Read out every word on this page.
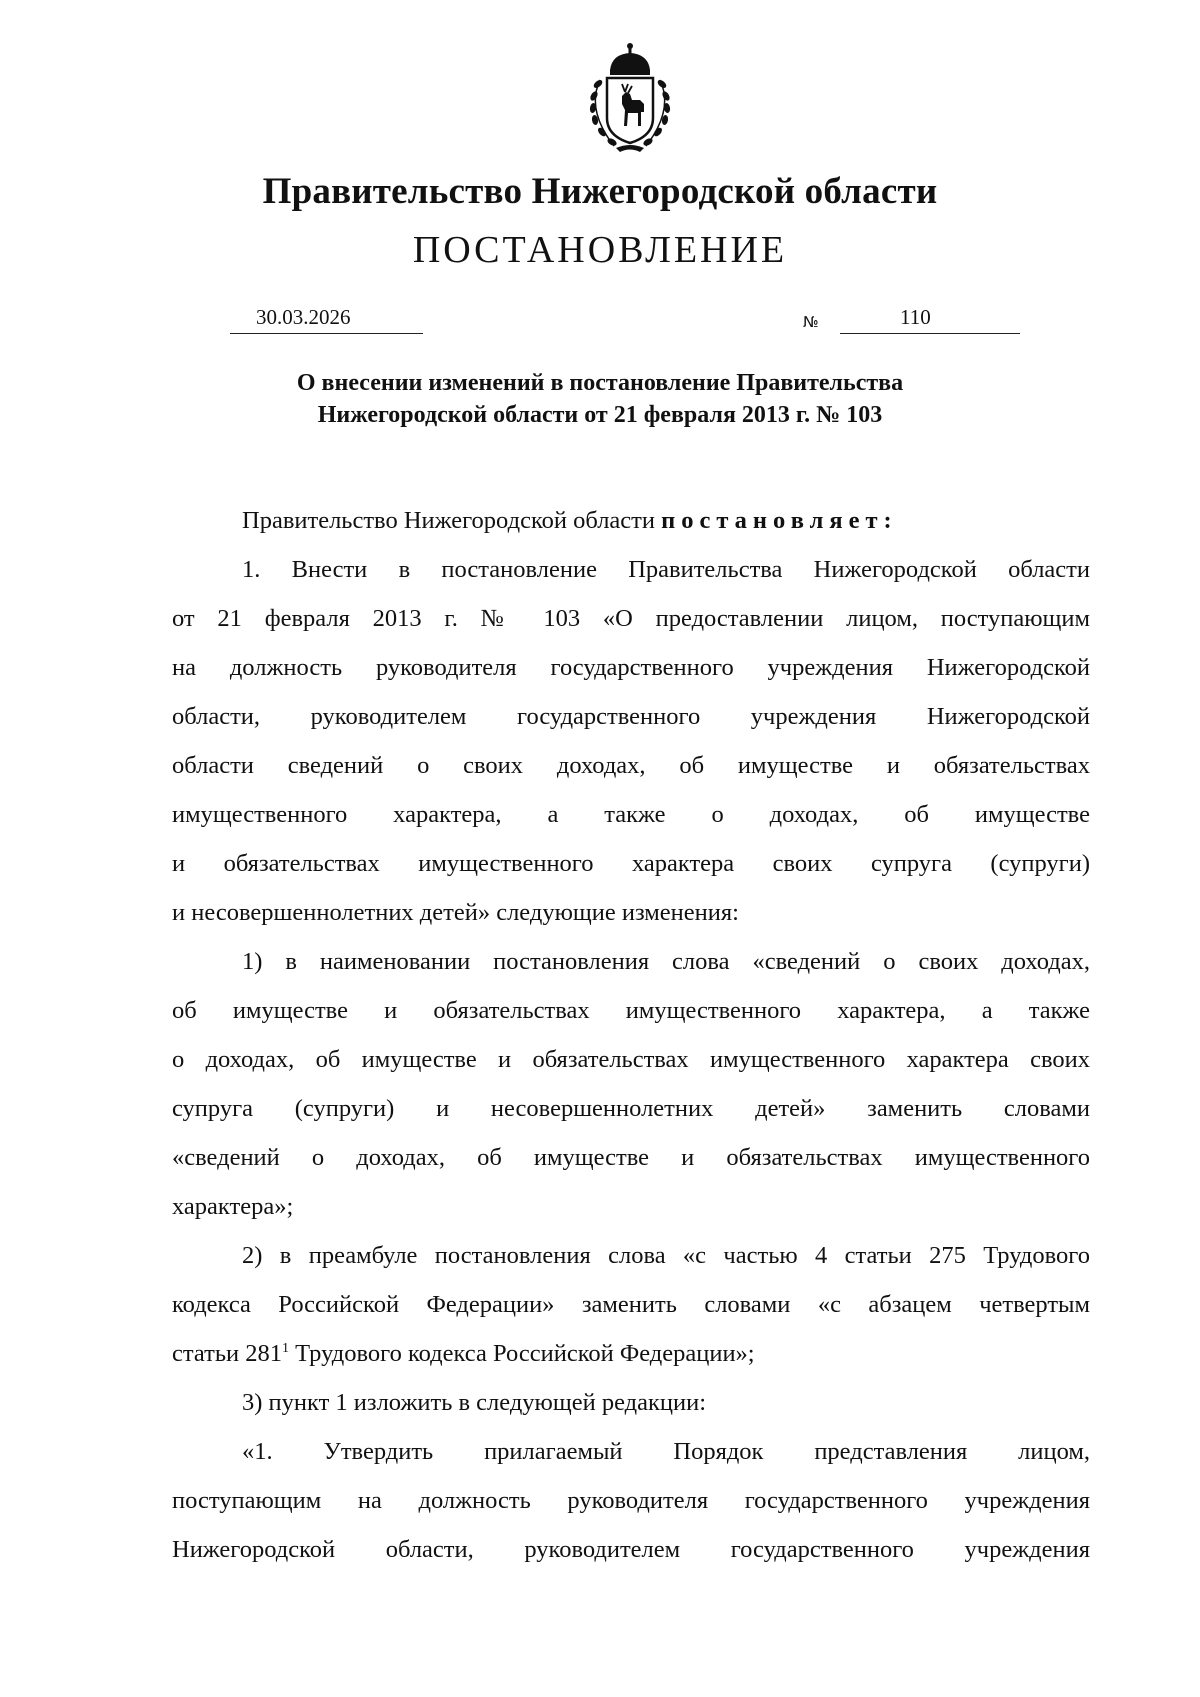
Правительство Нижегородской области
ПОСТАНОВЛЕНИЕ
30.03.2026	№	110
О внесении изменений в постановление Правительства
Нижегородской области от 21 февраля 2013 г. № 103

Правительство Нижегородской области постановляет:

1. Внести в постановление Правительства Нижегородской области

от 21 февраля 2013 г. № 103 «О предоставлении лицом, поступающим

на должность руководителя государственного учреждения Нижегородской

области, руководителем государственного учреждения Нижегородской

области сведений о своих доходах, об имуществе и обязательствах

имущественного характера, а также о доходах, об имуществе

и обязательствах имущественного характера своих супруга (супруги)

и несовершеннолетних детей» следующие изменения:

1) в наименовании постановления слова «сведений о своих доходах,

об имуществе и обязательствах имущественного характера, а также

о доходах, об имуществе и обязательствах имущественного характера своих

супруга (супруги) и несовершеннолетних детей» заменить словами

«сведений о доходах, об имуществе и обязательствах имущественного

характера»;

2) в преамбуле постановления слова «с частью 4 статьи 275 Трудового

кодекса Российской Федерации» заменить словами «с абзацем четвертым

статьи $281^1$ Трудового кодекса Российской Федерации»;

3) пункт 1 изложить в следующей редакции:

«1. Утвердить прилагаемый Порядок представления лицом,

поступающим на должность руководителя государственного учреждения

Нижегородской области, руководителем государственного учреждения
